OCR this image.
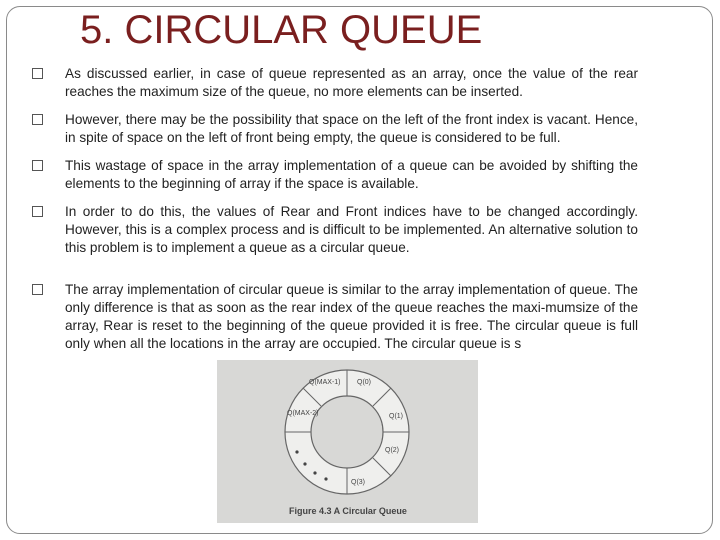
5. CIRCULAR QUEUE
As discussed earlier, in case of queue represented as an array, once the value of the rear reaches the maximum size of the queue, no more elements can be inserted.
However, there may be the possibility that space on the left of the front index is vacant. Hence, in spite of space on the left of front being empty, the queue is considered to be full.
This wastage of space in the array implementation of a queue can be avoided by shifting the elements to the beginning of array if the space is available.
In order to do this, the values of Rear and Front indices have to be changed accordingly. However, this is a complex process and is difficult to be implemented. An alternative solution to this problem is to implement a queue as a circular queue.
The array implementation of circular queue is similar to the array implementation of queue. The only difference is that as soon as the rear index of the queue reaches the maxi-mumsize of the array, Rear is reset to the beginning of the queue provided it is free. The circular queue is full only when all the locations in the array are occupied. The circular queue is s
Q(MAX-1) Q(0)
Q(MAX-2)	Q(1)
Q(2)
Q(3)
Figure 4.3 A Circular Queue
